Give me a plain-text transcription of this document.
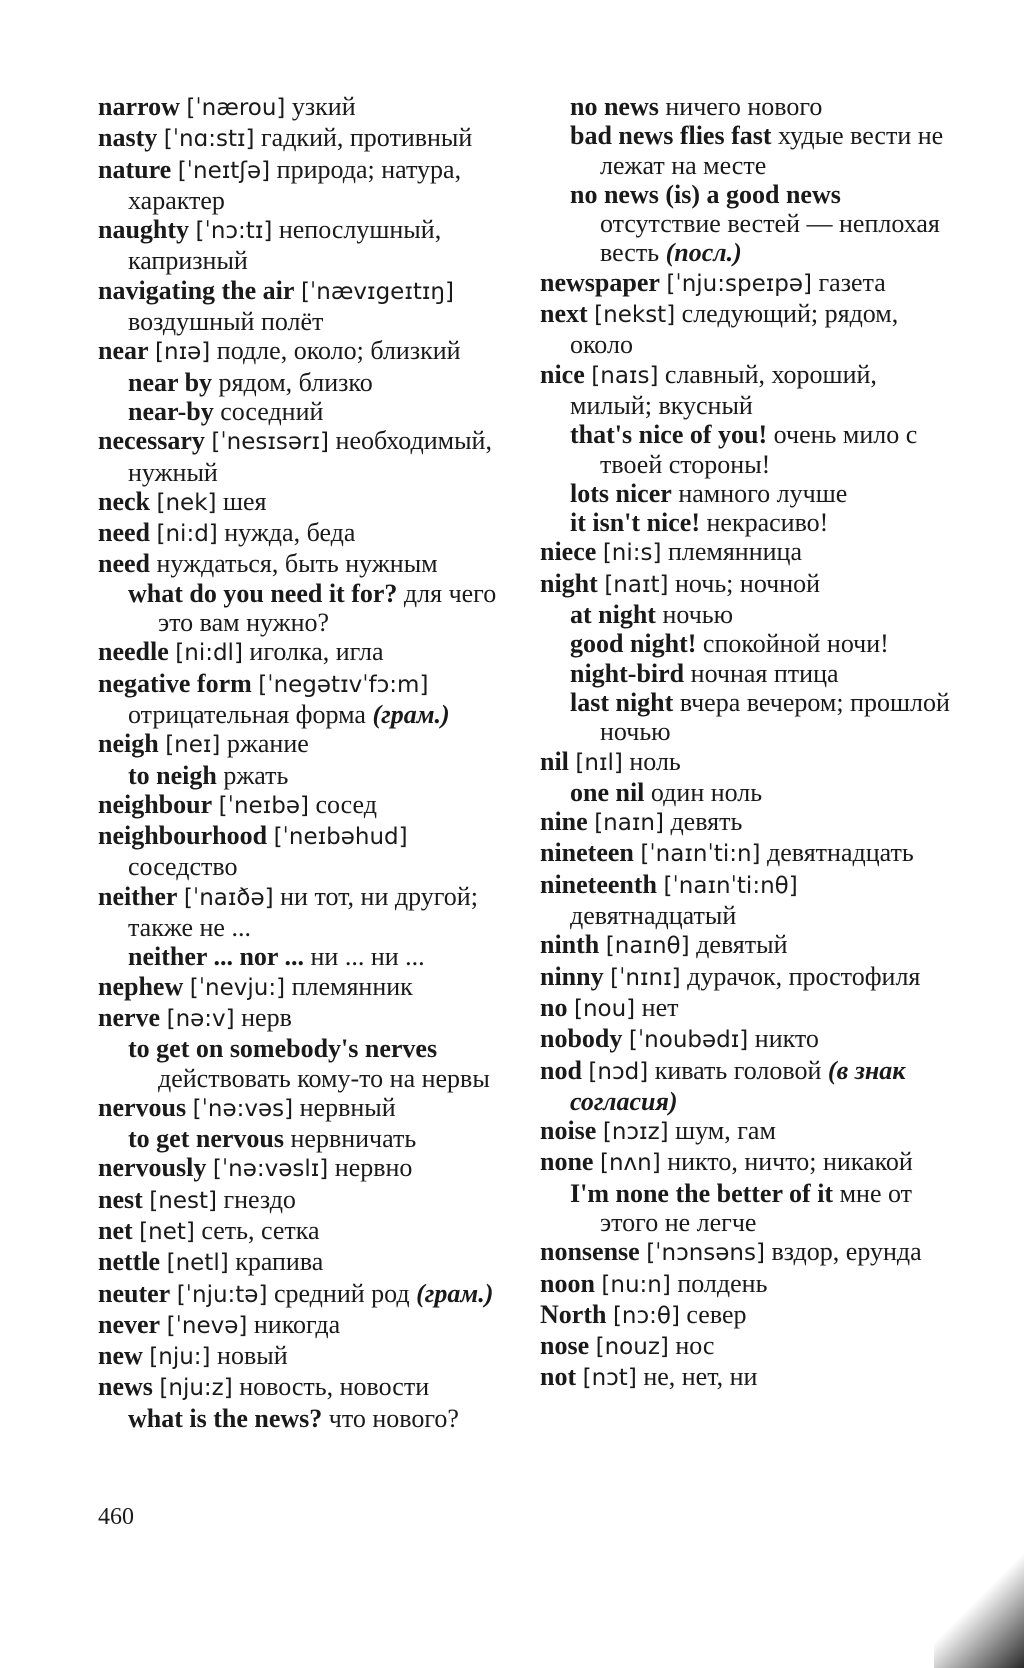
narrow [ˈnærou] узкий
nasty [ˈnɑ:stɪ] гадкий, противный
nature [ˈneɪtʃə] природа; натура, характер
naughty [ˈnɔ:tɪ] непослушный, капризный
navigating the air [ˈnævɪgeɪtɪŋ] воздушный полёт
near [nɪə] подле, около; близкий
near by рядом, близко
near-by соседний
necessary [ˈnesɪsərɪ] необходимый, нужный
neck [nek] шея
need [ni:d] нужда, беда
need нуждаться, быть нужным
what do you need it for? для чего это вам нужно?
needle [ni:dl] иголка, игла
negative form [ˈnegətɪvˈfɔ:m] отрицательная форма (грам.)
neigh [neɪ] ржание
to neigh ржать
neighbour [ˈneɪbə] сосед
neighbourhood [ˈneɪbəhud] соседство
neither [ˈnaɪðə] ни тот, ни другой; также не ...
neither ... nor ... ни ... ни ...
nephew [ˈnevju:] племянник
nerve [nə:v] нерв
to get on somebody's nerves действовать кому-то на нервы
nervous [ˈnə:vəs] нервный
to get nervous нервничать
nervously [ˈnə:vəslɪ] нервно
nest [nest] гнездо
net [net] сеть, сетка
nettle [netl] крапива
neuter [ˈnju:tə] средний род (грам.)
never [ˈnevə] никогда
new [nju:] новый
news [nju:z] новость, новости
what is the news? что нового?
no news ничего нового
bad news flies fast худые вести не лежат на месте
no news (is) a good news отсутствие вестей — неплохая весть (посл.)
newspaper [ˈnju:speɪpə] газета
next [nekst] следующий; рядом, около
nice [naɪs] славный, хороший, милый; вкусный
that's nice of you! очень мило с твоей стороны!
lots nicer намного лучше
it isn't nice! некрасиво!
niece [ni:s] племянница
night [naɪt] ночь; ночной
at night ночью
good night! спокойной ночи!
night-bird ночная птица
last night вчера вечером; прошлой ночью
nil [nɪl] ноль
one nil один ноль
nine [naɪn] девять
nineteen [ˈnaɪnˈti:n] девятнадцать
nineteenth [ˈnaɪnˈti:nθ] девятнадцатый
ninth [naɪnθ] девятый
ninny [ˈnɪnɪ] дурачок, простофиля
no [nou] нет
nobody [ˈnoubədɪ] никто
nod [nɔd] кивать головой (в знак согласия)
noise [nɔɪz] шум, гам
none [nʌn] никто, ничто; никакой
I'm none the better of it мне от этого не легче
nonsense [ˈnɔnsəns] вздор, ерунда
noon [nu:n] полдень
North [nɔ:θ] север
nose [nouz] нос
not [nɔt] не, нет, ни
460
